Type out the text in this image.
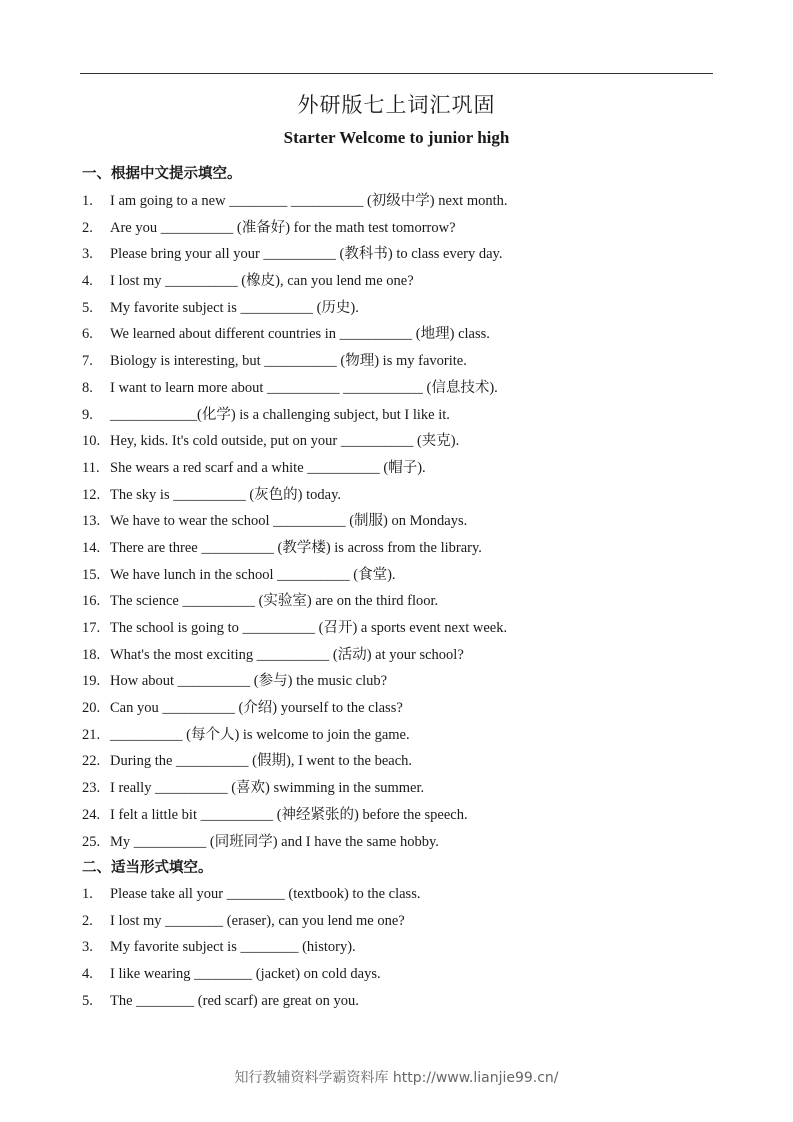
外研版七上词汇巩固
Starter Welcome to junior high
一、根据中文提示填空。
1.	I am going to a new ________ __________ (初级中学) next month.
2.	Are you __________ (准备好) for the math test tomorrow?
3.	Please bring your all your __________ (教科书) to class every day.
4.	I lost my __________ (橡皮), can you lend me one?
5.	My favorite subject is __________ (历史).
6.	We learned about different countries in __________ (地理) class.
7.	Biology is interesting, but __________ (物理) is my favorite.
8.	I want to learn more about __________ ___________ (信息技术).
9.	____________(化学) is a challenging subject, but I like it.
10. Hey, kids. It's cold outside, put on your __________ (夹克).
11. She wears a red scarf and a white __________ (帽子).
12. The sky is __________ (灰色的) today.
13. We have to wear the school __________ (制服) on Mondays.
14. There are three __________ (教学楼) is across from the library.
15. We have lunch in the school __________ (食堂).
16. The science __________ (实验室) are on the third floor.
17. The school is going to __________ (召开) a sports event next week.
18. What's the most exciting __________ (活动) at your school?
19. How about __________ (参与) the music club?
20. Can you __________ (介绍) yourself to the class?
21. __________ (每个人) is welcome to join the game.
22. During the __________ (假期), I went to the beach.
23. I really __________ (喜欢) swimming in the summer.
24. I felt a little bit __________ (神经紧张的) before the speech.
25. My __________ (同班同学) and I have the same hobby.
二、适当形式填空。
1.	Please take all your ________ (textbook) to the class.
2.	I lost my ________ (eraser), can you lend me one?
3.	My favorite subject is ________ (history).
4.	I like wearing ________ (jacket) on cold days.
5.	The ________ (red scarf) are great on you.
知行教辅资料学霸资料库 http://www.lianjie99.cn/
